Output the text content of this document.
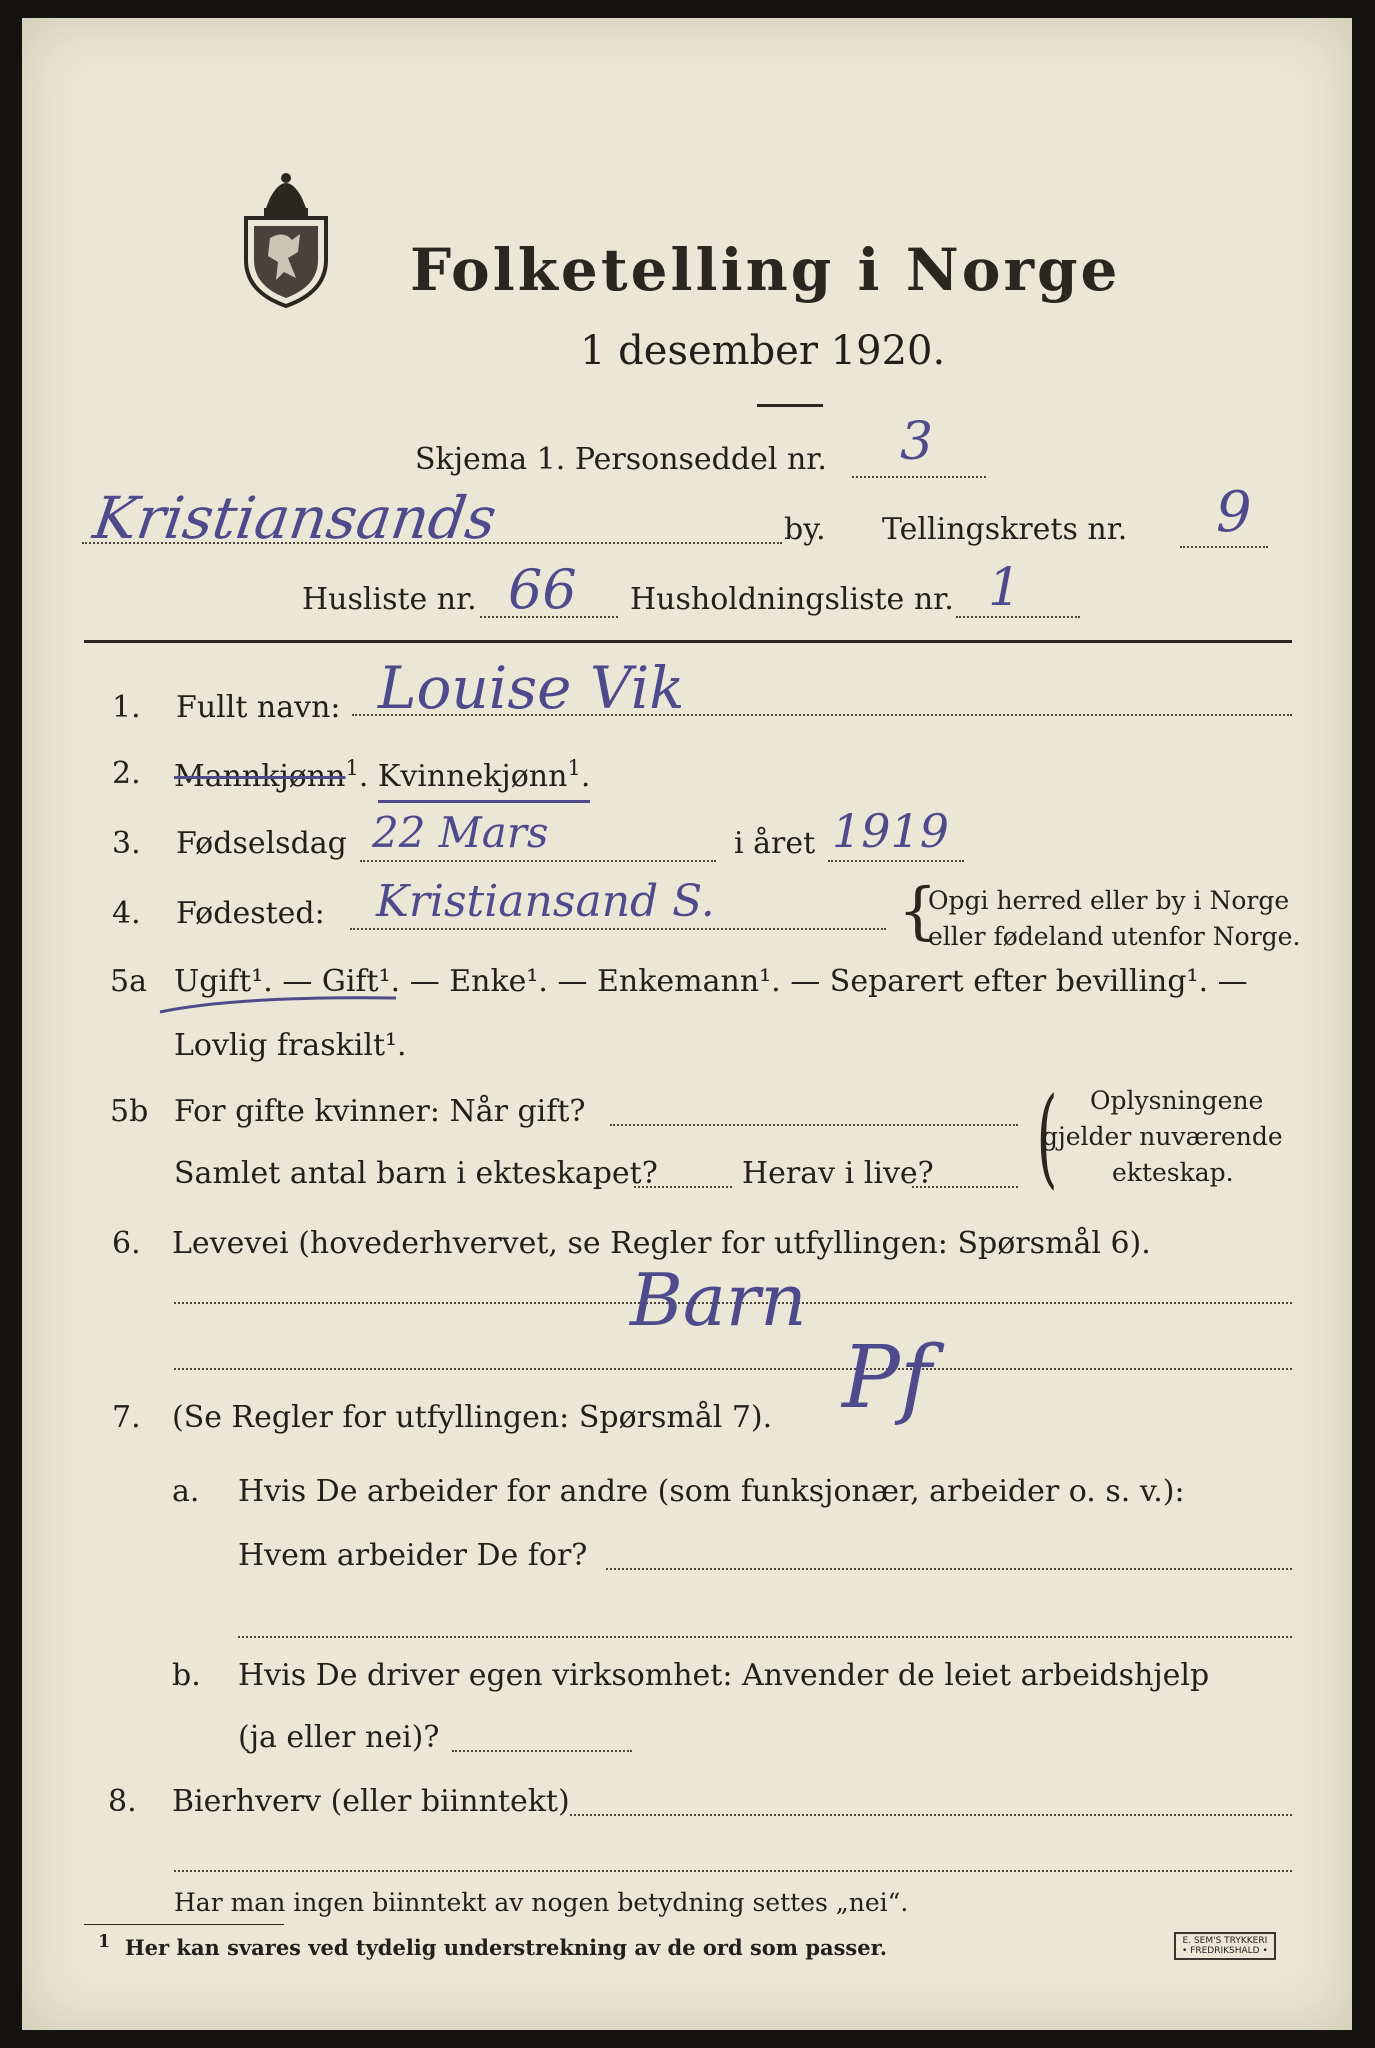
Folketelling i Norge
1 desember 1920.
Skjema 1. Personseddel nr. 3
Kristiansands	by. Tellingskrets nr. 9
Husliste nr. 66 Husholdningsliste nr. 1
1. Fullt navn: Louise Vik
2. Mannkjønn$^1$. Kvinnekjønn$^1$.
3. Fødselsdag 22 Mars	i året 1919
4. Fødested: Kristiansand S.	{
Opgi herred eller by i Norge
eller fødeland utenfor Norge.
5a Ugift¹. — Gift¹. — Enke¹. — Enkemann¹. — Separert efter bevilling¹. —
Lovlig fraskilt¹.
5b For gifte kvinner: Når gift?
Samlet antal barn i ekteskapet?	Herav i live? ( Oplysningene
gjelder nuværende
ekteskap.
6. Levevei (hovederhvervet, se Regler for utfyllingen: Spørsmål 6).
Barn
7. (Se Regler for utfyllingen: Spørsmål 7). Pf
a. Hvis De arbeider for andre (som funksjonær, arbeider o. s. v.):
Hvem arbeider De for?
b. Hvis De driver egen virksomhet: Anvender de leiet arbeidshjelp
(ja eller nei)?
8. Bierhverv (eller biinntekt)
Har man ingen biinntekt av nogen betydning settes „nei“.
$^1$ Her kan svares ved tydelig understrekning av de ord som passer.	E. SEM'S TRYKKERI
• FREDRIKSHALD •
